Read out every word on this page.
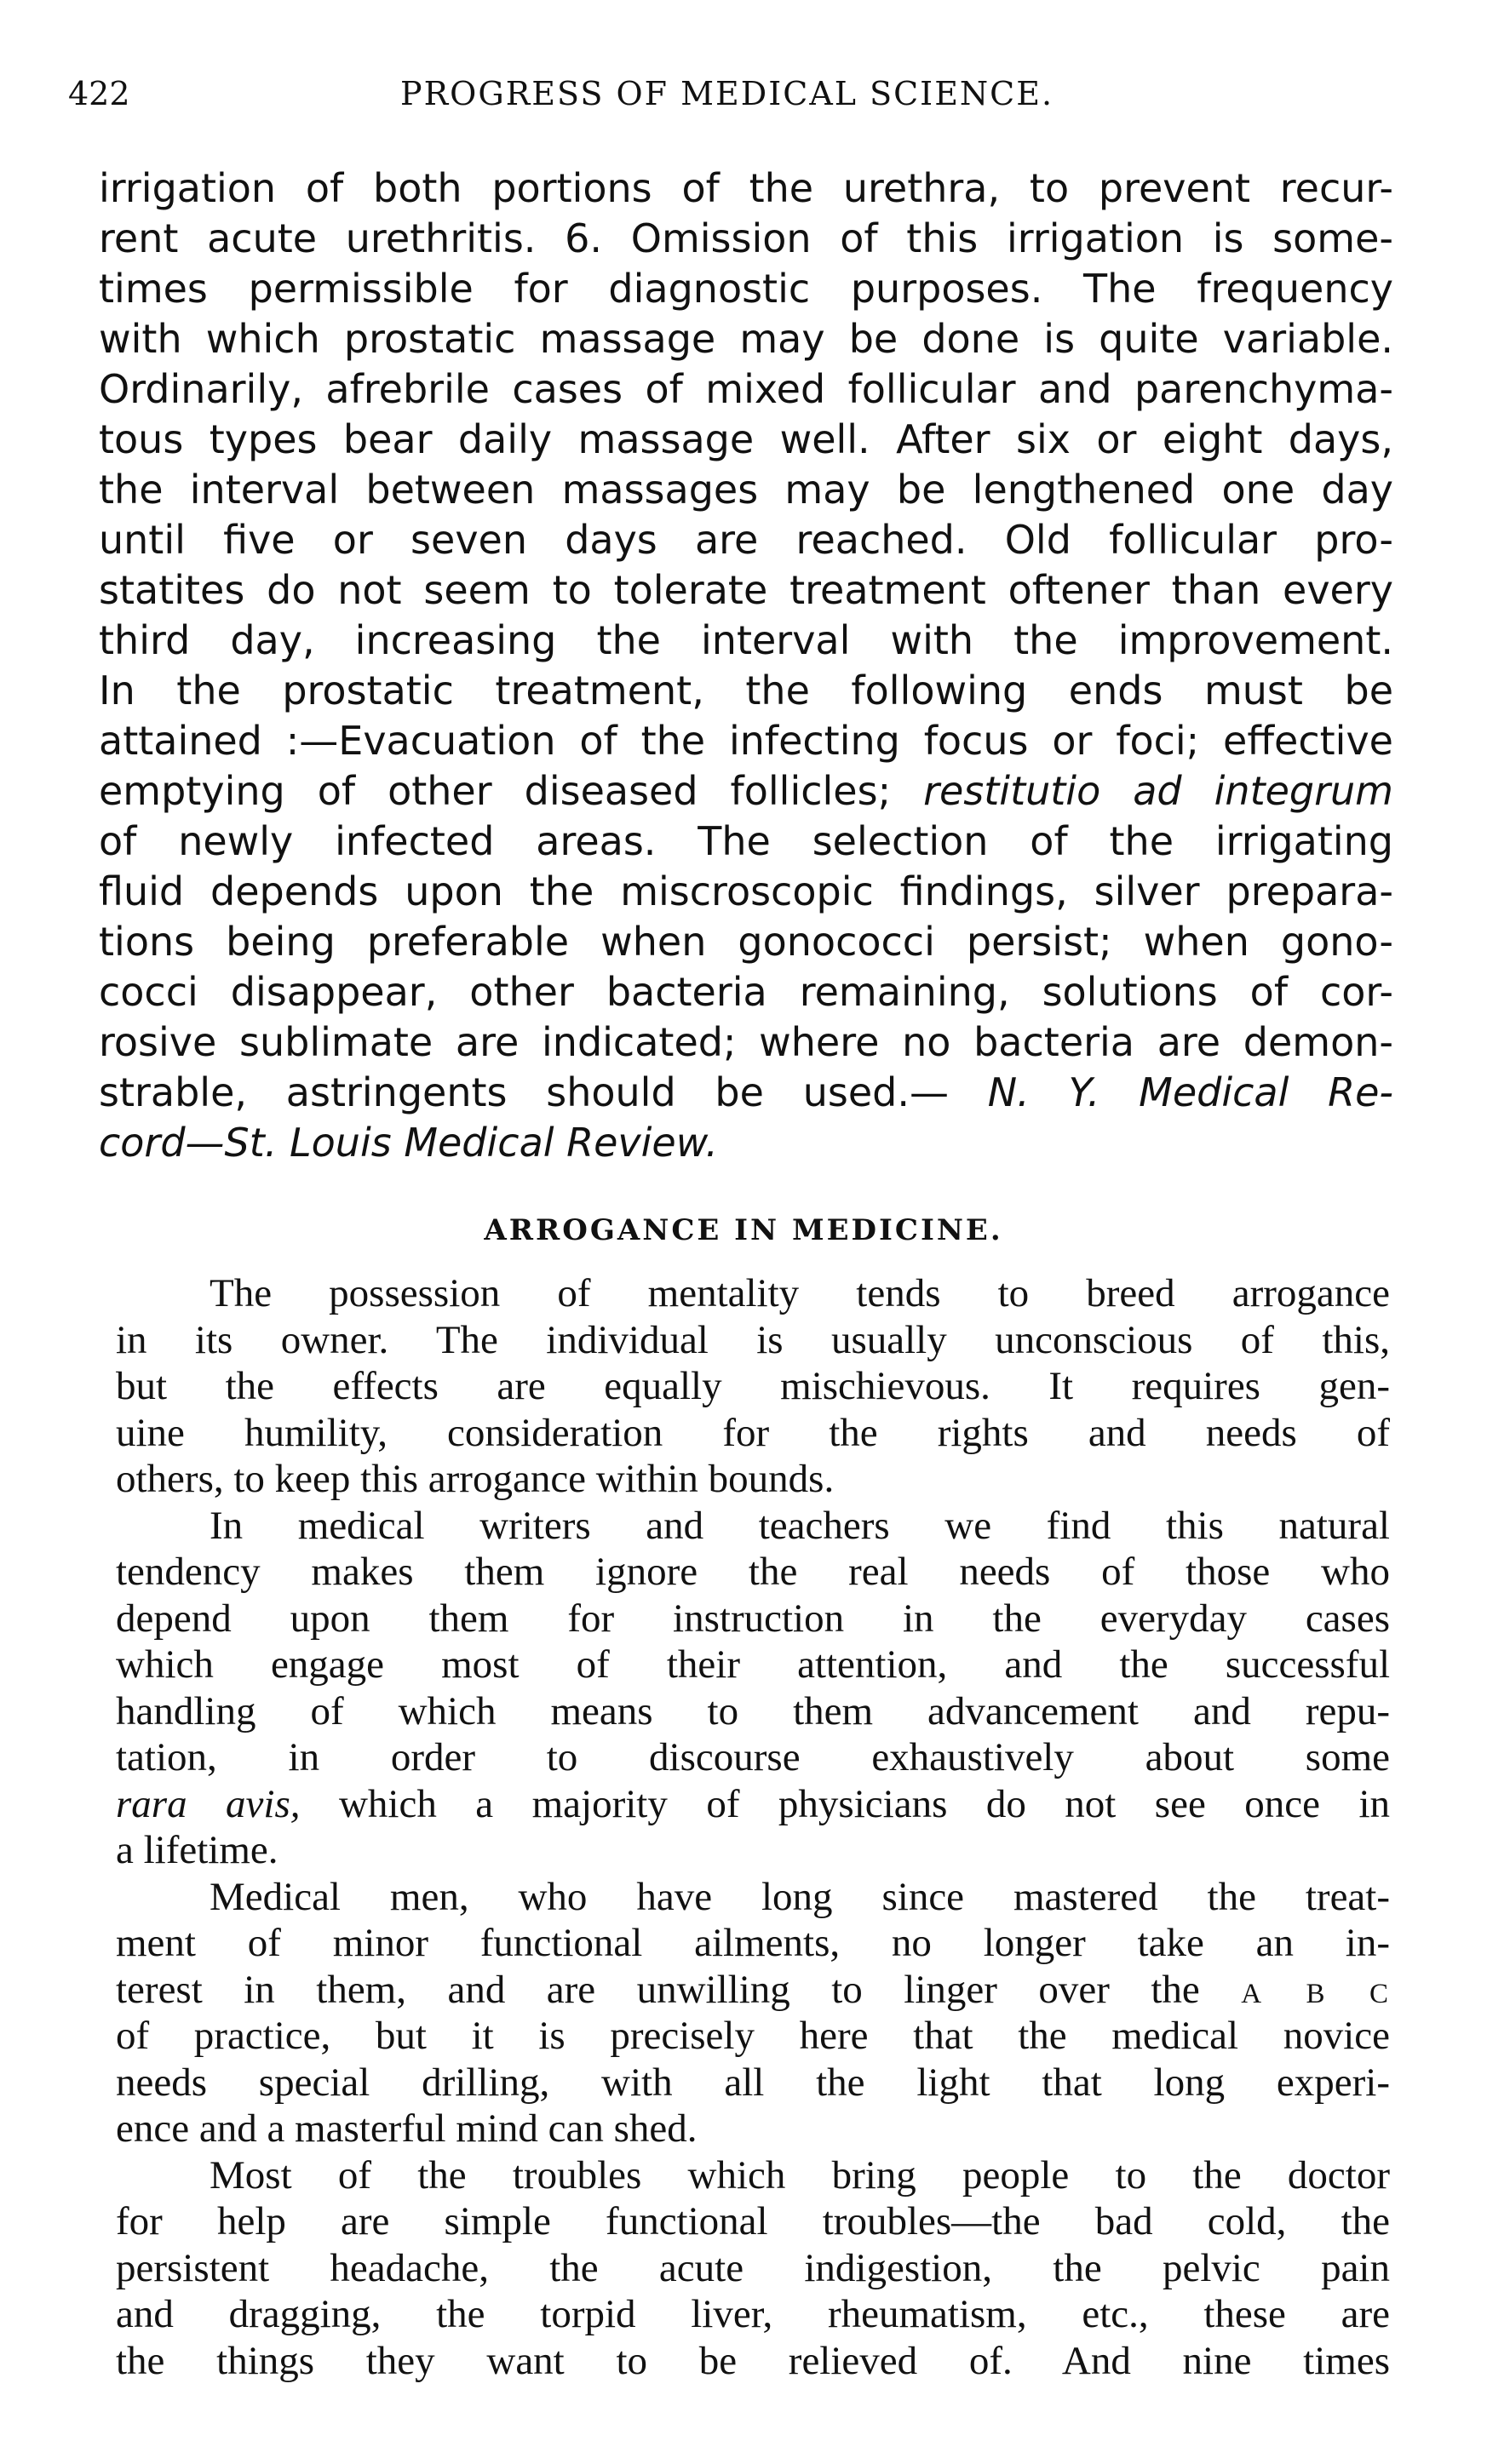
422	PROGRESS OF MEDICAL SCIENCE.
irrigation of both portions of the urethra, to prevent recur-
rent acute urethritis. 6. Omission of this irrigation is some-
times permissible for diagnostic purposes. The frequency
with which prostatic massage may be done is quite variable.
Ordinarily, afrebrile cases of mixed follicular and parenchyma-
tous types bear daily massage well. After six or eight days,
the interval between massages may be lengthened one day
until five or seven days are reached. Old follicular pro-
statites do not seem to tolerate treatment oftener than every
third day, increasing the interval with the improvement.
In the prostatic treatment, the following ends must be
attained :—Evacuation of the infecting focus or foci; effective
emptying of other diseased follicles; restitutio ad integrum
of newly infected areas. The selection of the irrigating
fluid depends upon the miscroscopic findings, silver prepara-
tions being preferable when gonococci persist; when gono-
cocci disappear, other bacteria remaining, solutions of cor-
rosive sublimate are indicated; where no bacteria are demon-
strable, astringents should be used.— N. Y. Medical Re-
cord—St. Louis Medical Review.
ARROGANCE IN MEDICINE.
The possession of mentality tends to breed arrogance
in its owner. The individual is usually unconscious of this,
but the effects are equally mischievous. It requires gen-
uine humility, consideration for the rights and needs of
others, to keep this arrogance within bounds.
In medical writers and teachers we find this natural
tendency makes them ignore the real needs of those who
depend upon them for instruction in the everyday cases
which engage most of their attention, and the successful
handling of which means to them advancement and repu-
tation, in order to discourse exhaustively about some
rara avis, which a majority of physicians do not see once in
a lifetime.
Medical men, who have long since mastered the treat-
ment of minor functional ailments, no longer take an in-
terest in them, and are unwilling to linger over the a b c
of practice, but it is precisely here that the medical novice
needs special drilling, with all the light that long experi-
ence and a masterful mind can shed.
Most of the troubles which bring people to the doctor
for help are simple functional troubles—the bad cold, the
persistent headache, the acute indigestion, the pelvic pain
and dragging, the torpid liver, rheumatism, etc., these are
the things they want to be relieved of. And nine times
